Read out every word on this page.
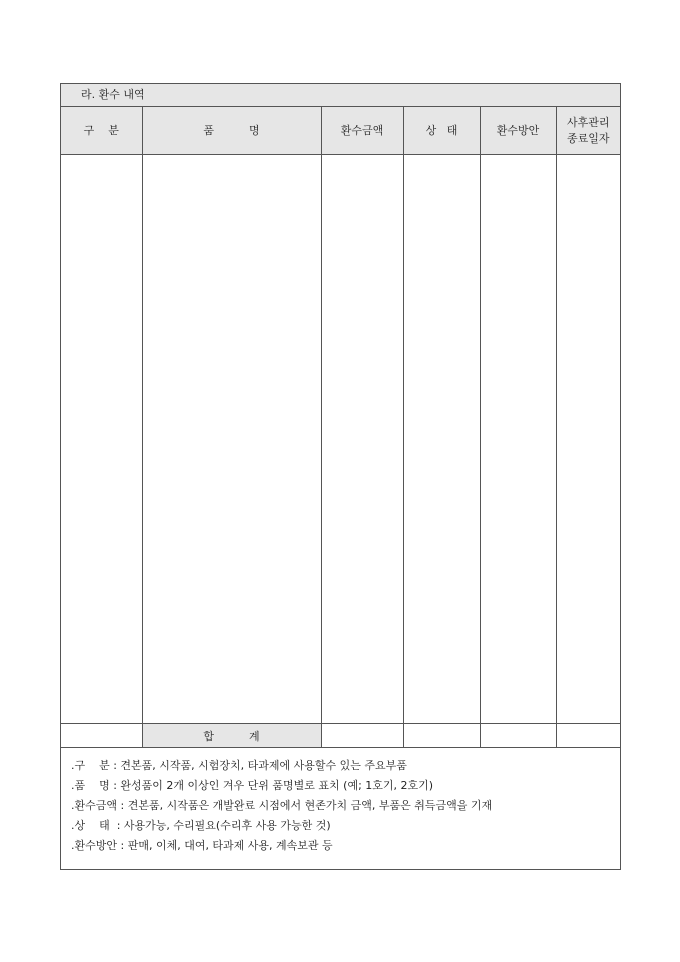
라. 환수 내역
구    분	품          명	환수금액	상   태	환수방안	사후관리
종료일자

	합          계				
.구    분 : 견본품, 시작품, 시험장치, 타과제에 사용할수 있는 주요부품
.품    명 : 완성품이 2개 이상인 겨우 단위 품명별로 표치 (예; 1호기, 2호기)
.환수금액 : 견본품, 시작품은 개발완료 시점에서 현존가치 금액, 부품은 취득금액을 기재
.상    태  : 사용가능, 수리필요(수리후 사용 가능한 것)
.환수방안 : 판매, 이체, 대여, 타과제 사용, 계속보관 등
